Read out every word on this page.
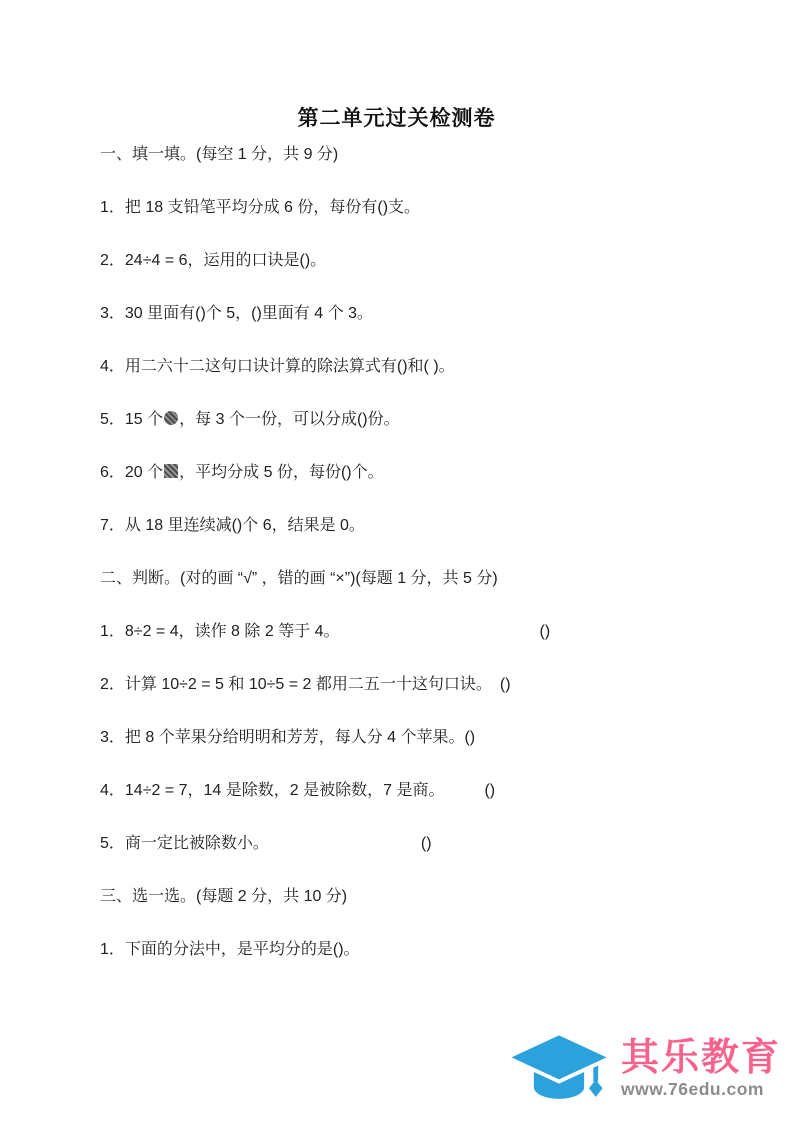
第二单元过关检测卷

一、填一填。(每空 1 分，共 9 分)

1．把 18 支铅笔平均分成 6 份，每份有()支。

2．24÷4 = 6，运用的口诀是()。

3．30 里面有()个 5，()里面有 4 个 3。

4．用二六十二这句口诀计算的除法算式有()和( )。

5．15 个 ，每 3 个一份，可以分成()份。

6．20 个 ，平均分成 5 份，每份()个。

7．从 18 里连续减()个 6，结果是 0。

二、判断。(对的画 “√” ，错的画 “×”)(每题 1 分，共 5 分)

1．8÷2 = 4，读作 8 除 2 等于 4。　　　　　　　　　　　　　()

2．计算 10÷2 = 5 和 10÷5 = 2 都用二五一十这句口诀。　()

3．把 8 个苹果分给明明和芳芳，每人分 4 个苹果。()

4．14÷2 = 7，14 是除数，2 是被除数，7 是商。　　　()

5．商一定比被除数小。　　　　　　　　　　()

三、选一选。(每题 2 分，共 10 分)

1．下面的分法中，是平均分的是()。

其乐教育
www.76edu.com
